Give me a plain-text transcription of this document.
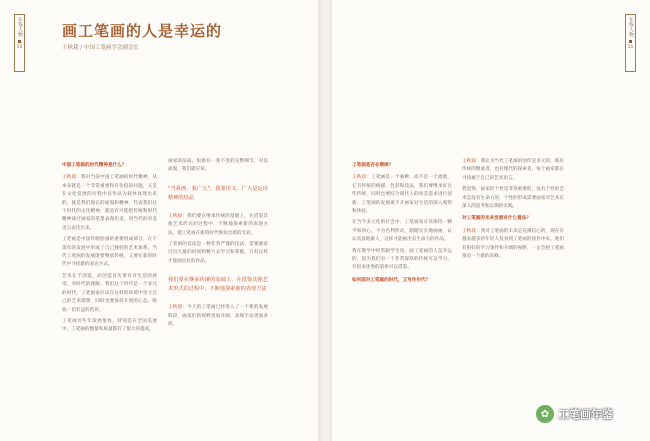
年鉴人物
10
画工笔画的人是幸运的
王秋栽 / 中国工笔画学会副会长
年鉴人物
11

中国工笔画的时代精神是什么？

王秋栽：我对当前中国工笔画的时代精神，从本身就是一个非常重要和有价值的问题，又是在文化发展的历程中以作品为载体体现出来的，就是我们现在的面貌和精神，代表我们这个时代的文化精神，就是有可能把传统和时代精神通过画家的笔墨表现出来，用当代的审美语言表达出来。

工笔画是中国传统绘画的重要组成部分，在千余年的发展中形成了自己独特的艺术体系。当代工笔画的发展既要继承传统，又要在新的时代中寻找新的表达方式。

艺术在于创造，而创造首先要有对生活的感受，对时代的理解。我们这个时代是一个多元的时代，工笔画家应该在这样的环境中坚守自己的艺术理想，同时也要保持开放的心态，吸收一切有益的营养。

工笔画近些年发展很快，特别是在全国美展中，工笔画的数量和质量都有了很大的提高。

画家的品质，很难有一张不变的完整细节，对其面貌，我们就应该。

"当我画，我广大"，我要用又。广大是运用精神的结晶

王秋栽：我们要在继承传统的基础上，在借鉴其他艺术形式的过程中，不断地探索新的表现方法，使工笔画在新的时代焕发出新的光彩。

工笔画的技法是一种非常严谨的技法，需要画家付出大量的时间和精力去学习和掌握，只有这样才能画出好的作品。

我们要在继承传统的基础上，在借鉴其他艺术形式的过程中，不断地探索新的表现方法

王秋栽：今天的工笔画已经进入了一个新的发展阶段，画家们的视野更加开阔，表现手法更加多样。

工笔画是否在继续？

王秋栽：工笔画是一个画种，而不是一个流派，它有传统的线描、色彩和技法，我们要继承好这些传统，同时也要结合现代人的审美需求进行创新，工笔画的发展离不开画家对生活的深入观察和体验。

在当今多元化的社会中，工笔画家应该保持一颗平和的心，不为名利所动，踏踏实实地画画，认认真真地做人，这样才能画出有生命力的作品。

我在教学中经常跟学生说，画工笔画的人是幸运的，因为我们有一个非常深厚的传统可以学习，有很多优秀的前辈可以借鉴。

如何面对工笔画的时代，又写作年代？

王秋栽：我认为当代工笔画的创作是多元的，既有传统的继承者，也有现代的探索者，每个画家都在寻找属于自己的艺术语言。

我觉得，画家的个性是非常重要的，没有个性的艺术是没有生命力的，个性的形成需要画家对艺术有深入的思考和长期的实践。

对工笔画的未来发展有什么看法？

王秋栽：我对工笔画的未来是充满信心的，现在有越来越多的年轻人投身到工笔画的创作中来，他们有很好的学习条件和开阔的视野，一定会把工笔画推向一个新的高峰。

✿ 工笔画年鉴
